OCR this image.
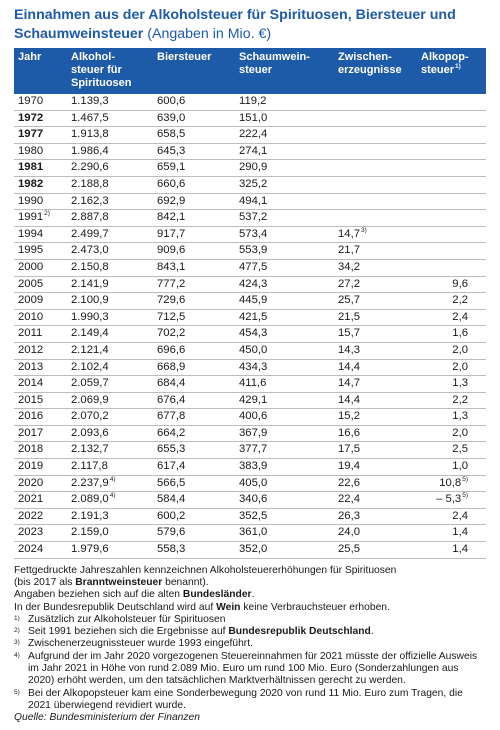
Einnahmen aus der Alkoholsteuer für Spirituosen, Biersteuer und Schaumweinsteuer (Angaben in Mio. €)
Jahr	Alkohol-
steuer für
Spirituosen	Biersteuer	Schaumwein-
steuer	Zwischen-
erzeugnisse	Alkopop-
steuer$^{1)}$
1970	1.139,3	600,6	119,2		
1972	1.467,5	639,0	151,0		
1977	1.913,8	658,5	222,4		
1980	1.986,4	645,3	274,1		
1981	2.290,6	659,1	290,9		
1982	2.188,8	660,6	325,2		
1990	2.162,3	692,9	494,1		
1991$^{2)}$	2.887,8	842,1	537,2		
1994	2.499,7	917,7	573,4	14,7$^{3)}$	
1995	2.473,0	909,6	553,9	21,7	
2000	2.150,8	843,1	477,5	34,2	
2005	2.141,9	777,2	424,3	27,2	9,6
2009	2.100,9	729,6	445,9	25,7	2,2
2010	1.990,3	712,5	421,5	21,5	2,4
2011	2.149,4	702,2	454,3	15,7	1,6
2012	2.121,4	696,6	450,0	14,3	2,0
2013	2.102,4	668,9	434,3	14,4	2,0
2014	2.059,7	684,4	411,6	14,7	1,3
2015	2.069,9	676,4	429,1	14,4	2,2
2016	2.070,2	677,8	400,6	15,2	1,3
2017	2.093,6	664,2	367,9	16,6	2,0
2018	2.132,7	655,3	377,7	17,5	2,5
2019	2.117,8	617,4	383,9	19,4	1,0
2020	2.237,9$^{4)}$	566,5	405,0	22,6	10,8$^{5)}$
2021	2.089,0$^{4)}$	584,4	340,6	22,4	– 5,3$^{5)}$
2022	2.191,3	600,2	352,5	26,3	2,4
2023	2.159,0	579,6	361,0	24,0	1,4
2024	1.979,6	558,3	352,0	25,5	1,4

Fettgedruckte Jahreszahlen kennzeichnen Alkoholsteuererhöhungen für Spirituosen
(bis 2017 als Branntweinsteuer benannt).

Angaben beziehen sich auf die alten Bundesländer.

In der Bundesrepublik Deutschland wird auf Wein keine Verbrauchsteuer erhoben.

1) Zusätzlich zur Alkoholsteuer für Spirituosen
2) Seit 1991 beziehen sich die Ergebnisse auf Bundesrepublik Deutschland.
3) Zwischenerzeugnissteuer wurde 1993 eingeführt.
4) Aufgrund der im Jahr 2020 vorgezogenen Steuereinnahmen für 2021 müsste der offizielle Ausweis im Jahr 2021 in Höhe von rund 2.089 Mio. Euro um rund 100 Mio. Euro (Sonderzahlungen aus 2020) erhöht werden, um den tatsächlichen Marktverhältnissen gerecht zu werden.
5) Bei der Alkopopsteuer kam eine Sonderbewegung 2020 von rund 11 Mio. Euro zum Tragen, die 2021 überwiegend revidiert wurde.

Quelle: Bundesministerium der Finanzen
